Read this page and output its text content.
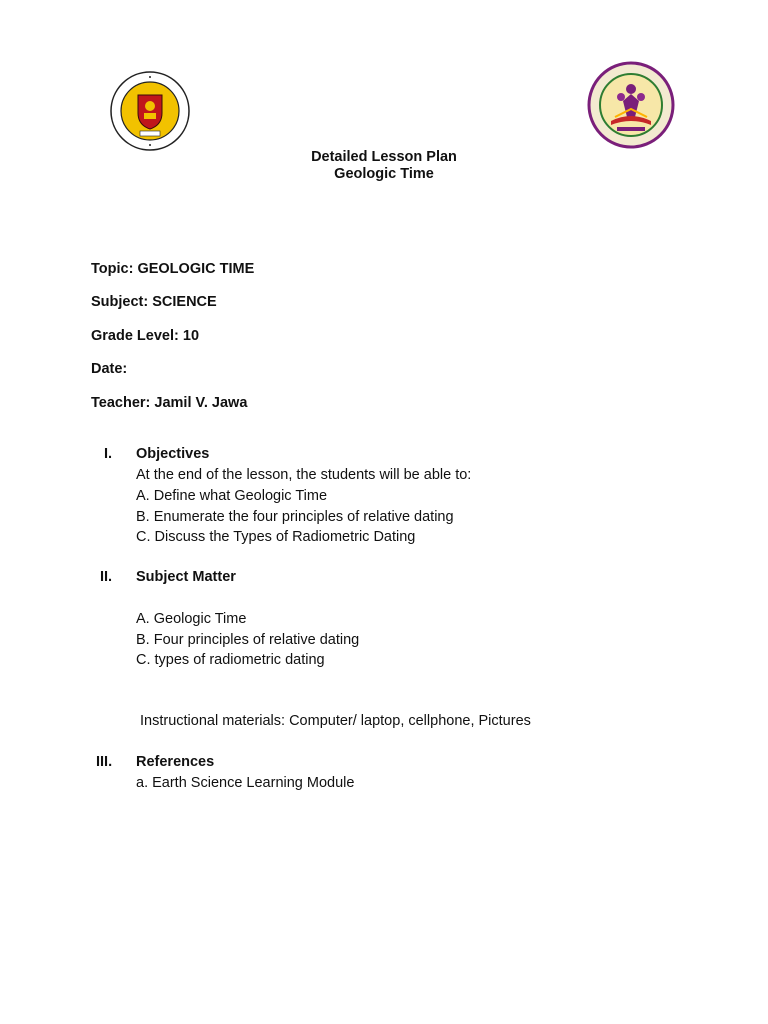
Detailed Lesson Plan
Geologic Time
Topic: GEOLOGIC TIME
Subject: SCIENCE
Grade Level: 10
Date:
Teacher: Jamil V. Jawa
I. Objectives
At the end of the lesson, the students will be able to:
A. Define what Geologic Time
B. Enumerate the four principles of relative dating
C. Discuss the Types of Radiometric Dating
II. Subject Matter
A. Geologic Time
B. Four principles of relative dating
C. types of radiometric dating
Instructional materials: Computer/ laptop, cellphone, Pictures
III. References
a. Earth Science Learning Module
